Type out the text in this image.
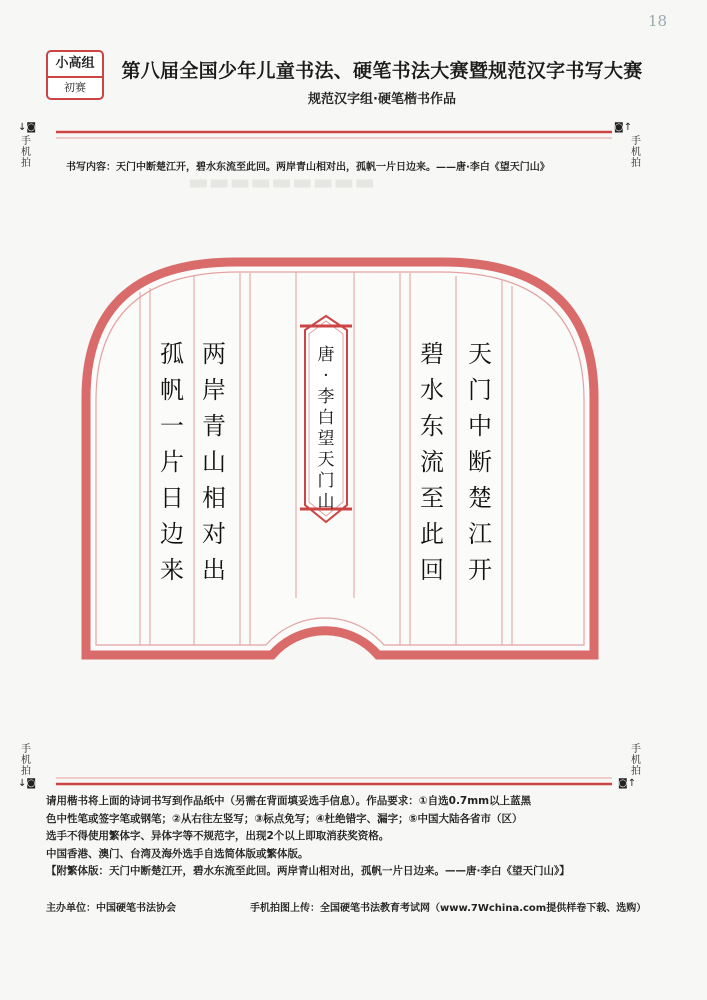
▬▬▬▬▬▬▬▬▬
18
小高组
初赛
第八届全国少年儿童书法、硬笔书法大赛暨规范汉字书写大赛
规范汉字组·硬笔楷书作品
↓◙
手
机
拍
◙↑
手
机
拍
手
机
拍
↓◙
手
机
拍
◙↑
书写内容：天门中断楚江开，碧水东流至此回。两岸青山相对出，孤帆一片日边来。——唐·李白《望天门山》
天
门
中
断
楚
江
开
碧
水
东
流
至
此
回
两
岸
青
山
相
对
出
孤
帆
一
片
日
边
来
唐
·
李
白
望
天
门
山
请用楷书将上面的诗词书写到作品纸中（另需在背面填妥选手信息）。作品要求：①自选0.7mm以上蓝黑
色中性笔或签字笔或钢笔；②从右往左竖写；③标点免写；④杜绝错字、漏字；⑤中国大陆各省市（区）
选手不得使用繁体字、异体字等不规范字，出现2个以上即取消获奖资格。
中国香港、澳门、台湾及海外选手自选简体版或繁体版。
【附繁体版：天门中断楚江开，碧水东流至此回。两岸青山相对出，孤帆一片日边来。——唐·李白《望天门山》】
主办单位：中国硬笔书法协会	手机拍图上传：全国硬笔书法教育考试网（www.7Wchina.com提供样卷下载、选购）
